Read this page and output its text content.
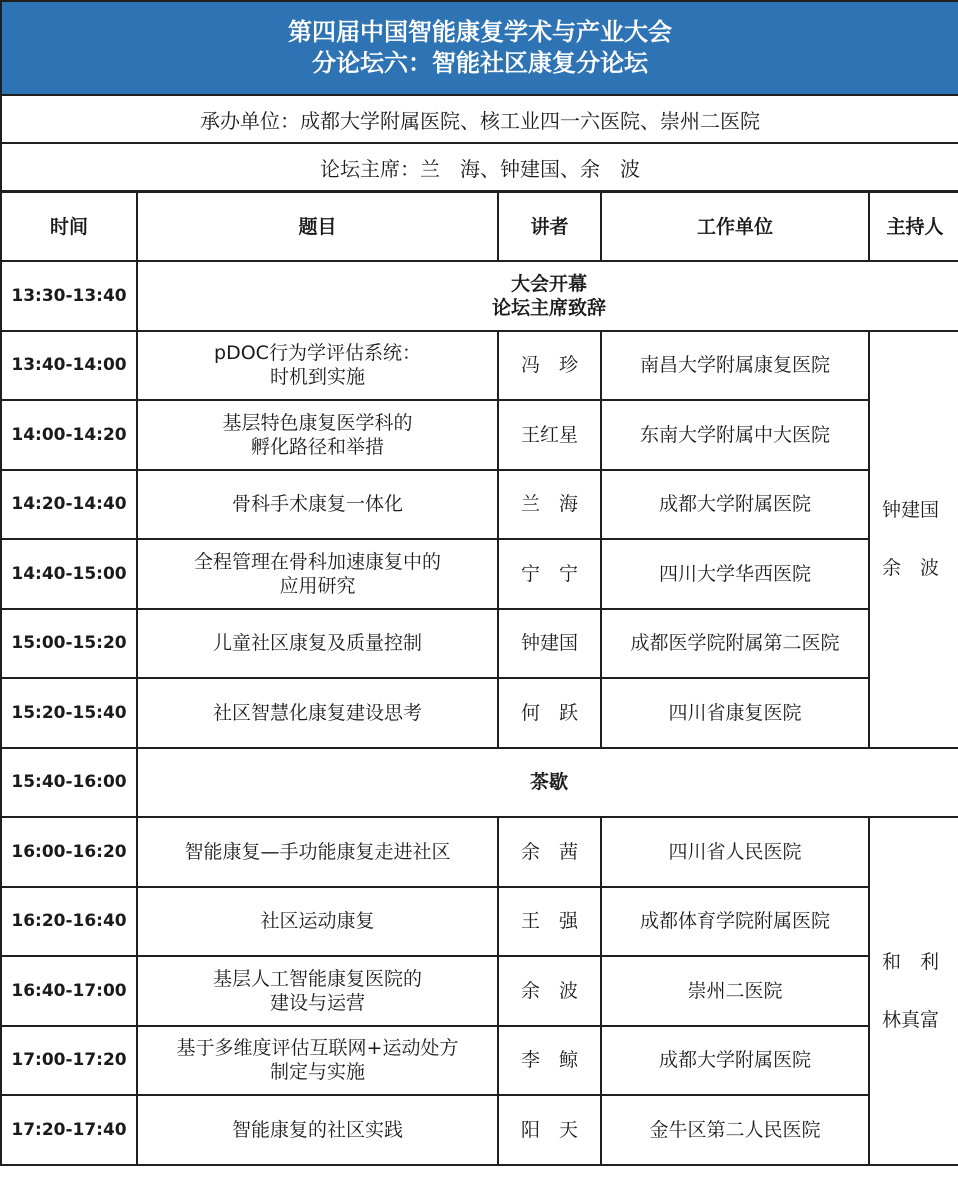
第四届中国智能康复学术与产业大会
分论坛六：智能社区康复分论坛
承办单位：成都大学附属医院、核工业四一六医院、崇州二医院
论坛主席：兰　海、钟建国、余　波
时间	题目	讲者	工作单位	主持人
13:30-13:40	大会开幕
论坛主席致辞			

13:40-14:00	pDOC行为学评估系统：
时机到实施	冯　珍	南昌大学附属康复医院	钟建国
余　波

14:00-14:20	基层特色康复医学科的
孵化路径和举措	王红星	东南大学附属中大医院	
14:20-14:40	骨科手术康复一体化	兰　海	成都大学附属医院	
14:40-15:00	全程管理在骨科加速康复中的
应用研究	宁　宁	四川大学华西医院	
15:00-15:20	儿童社区康复及质量控制	钟建国	成都医学院附属第二医院	
15:20-15:40	社区智慧化康复建设思考	何　跃	四川省康复医院	
15:40-16:00	茶歇			
16:00-16:20	智能康复—手功能康复走进社区	余　茜	四川省人民医院	和　利
林真富

16:20-16:40	社区运动康复	王　强	成都体育学院附属医院	
16:40-17:00	基层人工智能康复医院的
建设与运营	余　波	崇州二医院	
17:00-17:20	基于多维度评估互联网+运动处方
制定与实施	李　鲸	成都大学附属医院	
17:20-17:40	智能康复的社区实践	阳　天	金牛区第二人民医院	
